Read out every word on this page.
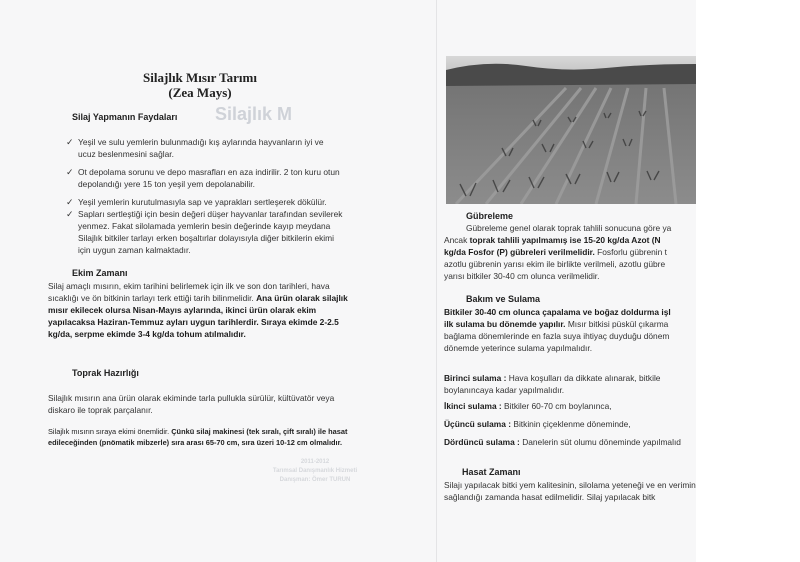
Silajlık M
2011-2012
Tarımsal Danışmanlık Hizmeti
Danışman: Ömer TURUN
Silajlık Mısır Tarımı
(Zea Mays)
Silaj Yapmanın Faydaları
✓ Yeşil ve sulu yemlerin bulunmadığı kış aylarında hayvanların iyi ve ucuz beslenmesini sağlar.
✓ Ot depolama sorunu ve depo masrafları en aza indirilir. 2 ton kuru otun depolandığı yere 15 ton yeşil yem depolanabilir.
✓ Yeşil yemlerin kurutulmasıyla sap ve yaprakları sertleşerek dökülür.
✓ Sapları sertleştiği için besin değeri düşer hayvanlar tarafından sevilerek yenmez. Fakat silolamada yemlerin besin değerinde kayıp meydana Silajlık bitkiler tarlayı erken boşaltırlar dolayısıyla diğer bitkilerin ekimi için uygun zaman kalmaktadır.
Ekim Zamanı

Silaj amaçlı mısırın, ekim tarihini belirlemek için ilk ve son don tarihleri, hava sıcaklığı ve ön bitkinin tarlayı terk ettiği tarih bilinmelidir. Ana ürün olarak silajlık mısır ekilecek olursa Nisan-Mayıs aylarında, ikinci ürün olarak ekim yapılacaksa Haziran-Temmuz ayları uygun tarihlerdir. Sıraya ekimde 2-2.5 kg/da, serpme ekimde 3-4 kg/da tohum atılmalıdır.

Toprak Hazırlığı

Silajlık mısırın ana ürün olarak ekiminde tarla pullukla sürülür, kültüvatör veya diskaro ile toprak parçalanır.

Silajlık mısırın sıraya ekimi önemlidir. Çünkü silaj makinesi (tek sıralı, çift sıralı) ile hasat edileceğinden (pnömatik mibzerle) sıra arası 65-70 cm, sıra üzeri 10-12 cm olmalıdır.

Gübreleme

Gübreleme genel olarak toprak tahlili sonucuna göre ya
Ancak toprak tahlili yapılmamış ise 15-20 kg/da Azot (N
kg/da Fosfor (P) gübreleri verilmelidir. Fosforlu gübrenin t
azotlu gübrenin yarısı ekim ile birlikte verilmeli, azotlu gübre
yarısı bitkiler 30-40 cm olunca verilmelidir.

Bakım ve Sulama

Bitkiler 30-40 cm olunca çapalama ve boğaz doldurma işl
ilk sulama bu dönemde yapılır. Mısır bitkisi püskül çıkarma
bağlama dönemlerinde en fazla suya ihtiyaç duyduğu dönem
dönemde yeterince sulama yapılmalıdır.

Birinci sulama : Hava koşulları da dikkate alınarak, bitkile boylanıncaya kadar yapılmalıdır.

İkinci sulama : Bitkiler 60-70 cm boylanınca,

Üçüncü sulama : Bitkinin çiçeklenme döneminde,

Dördüncü sulama : Danelerin süt olumu döneminde yapılmalıd

Hasat Zamanı

Silajı yapılacak bitki yem kalitesinin, silolama yeteneği ve en verimin sağlandığı zamanda hasat edilmelidir. Silaj yapılacak bitk
